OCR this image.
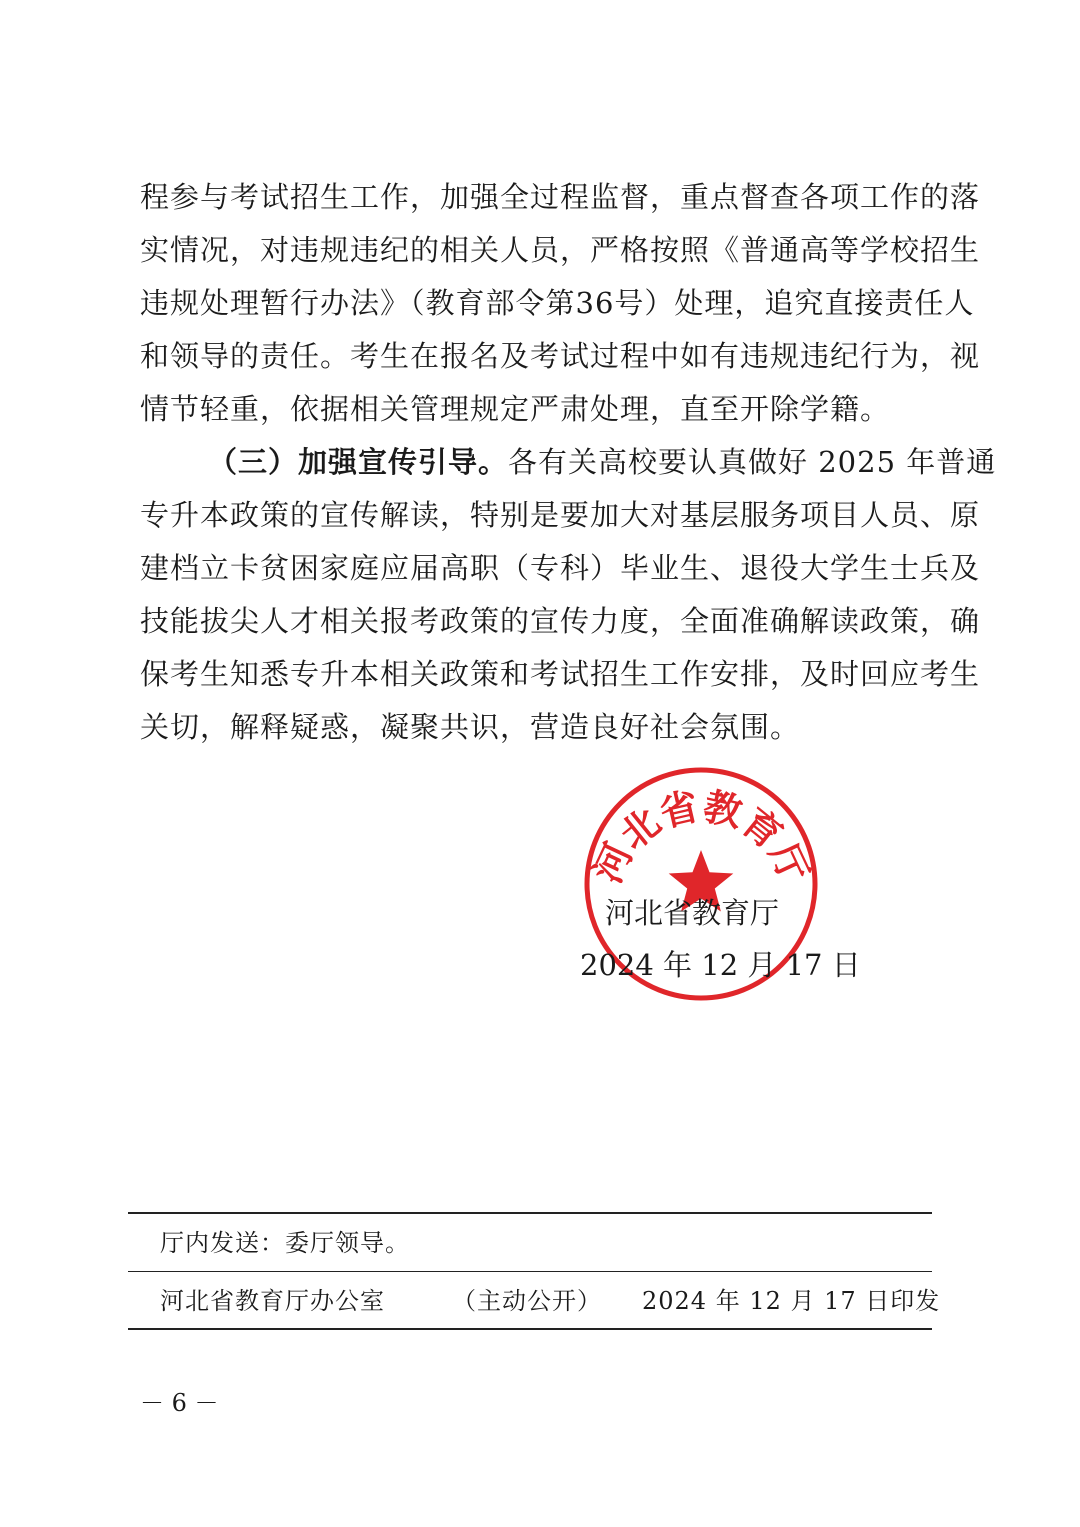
程参与考试招生工作，加强全过程监督，重点督查各项工作的落
实情况，对违规违纪的相关人员，严格按照《普通高等学校招生
违规处理暂行办法》（教育部令第36号）处理，追究直接责任人
和领导的责任。考生在报名及考试过程中如有违规违纪行为，视
情节轻重，依据相关管理规定严肃处理，直至开除学籍。
（三）加强宣传引导。各有关高校要认真做好 2025 年普通
专升本政策的宣传解读，特别是要加大对基层服务项目人员、原
建档立卡贫困家庭应届高职（专科）毕业生、退役大学生士兵及
技能拔尖人才相关报考政策的宣传力度，全面准确解读政策，确
保考生知悉专升本相关政策和考试招生工作安排，及时回应考生
关切，解释疑惑，凝聚共识，营造良好社会氛围。
河北省教育厅
河北省教育厅
2024 年 12 月 17 日
厅内发送：委厅领导。
河北省教育厅办公室	（主动公开） 2024 年 12 月 17 日印发
－ 6 －
